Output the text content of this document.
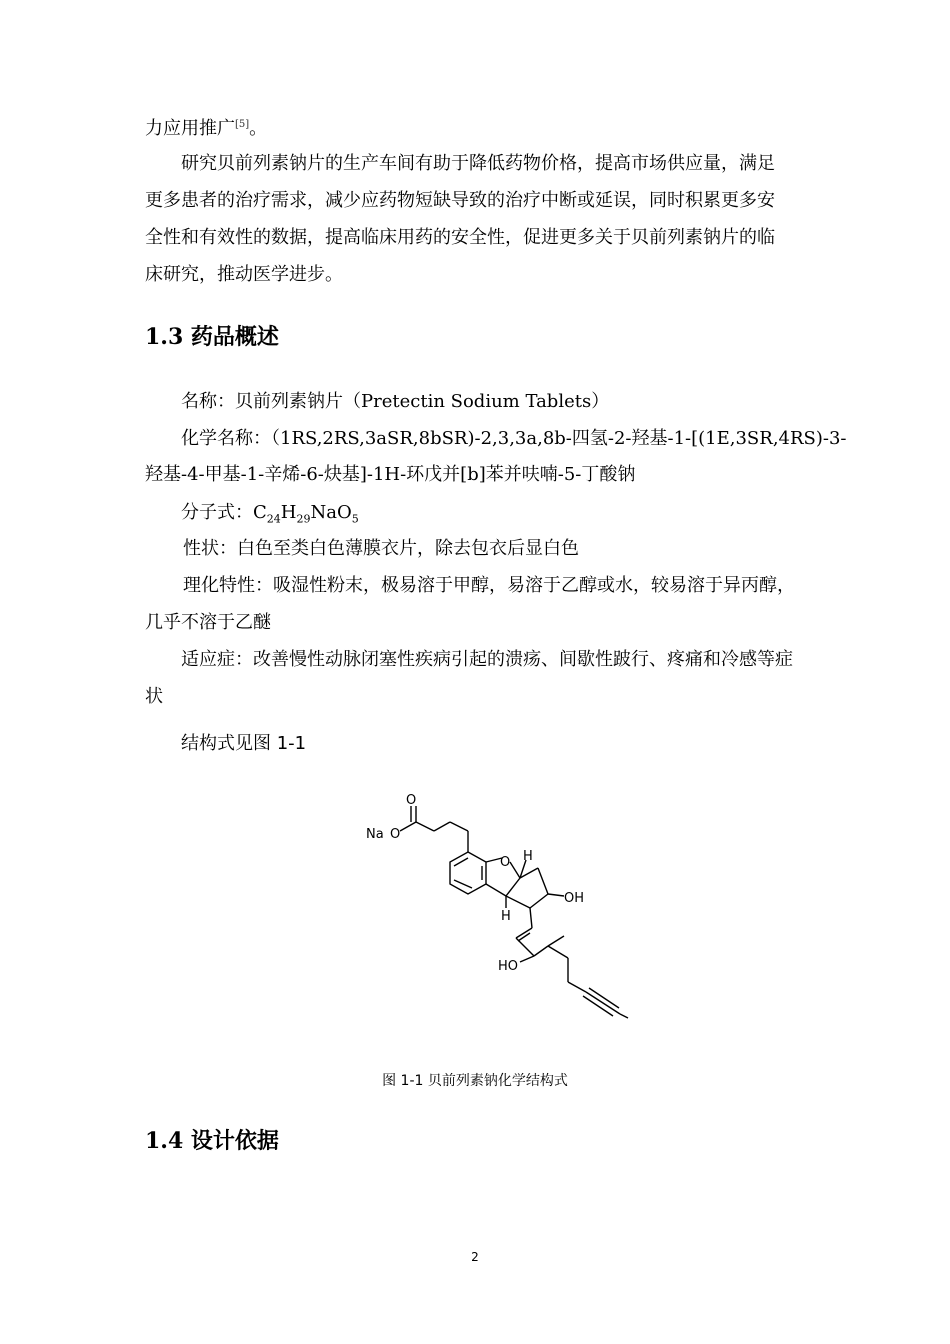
力应用推广[5]。
研究贝前列素钠片的生产车间有助于降低药物价格，提高市场供应量，满足
更多患者的治疗需求，减少应药物短缺导致的治疗中断或延误，同时积累更多安
全性和有效性的数据，提高临床用药的安全性，促进更多关于贝前列素钠片的临
床研究，推动医学进步。
1.3 药品概述
名称：贝前列素钠片（Pretectin Sodium Tablets）
化学名称：（1RS,2RS,3aSR,8bSR)-2,3,3a,8b-四氢-2-羟基-1-[(1E,3SR,4RS)-3-
羟基-4-甲基-1-辛烯-6-炔基]-1H-环戊并[b]苯并呋喃-5-丁酸钠
分子式：$C_{24}H_{29}NaO_5$
性状：白色至类白色薄膜衣片，除去包衣后显白色
理化特性：吸湿性粉末，极易溶于甲醇，易溶于乙醇或水，较易溶于异丙醇，
几乎不溶于乙醚
适应症：改善慢性动脉闭塞性疾病引起的溃疡、间歇性跛行、疼痛和冷感等症
状
结构式见图 1-1
Na O
O
O H
H
OH
HO
图 1-1 贝前列素钠化学结构式
1.4 设计依据
2
